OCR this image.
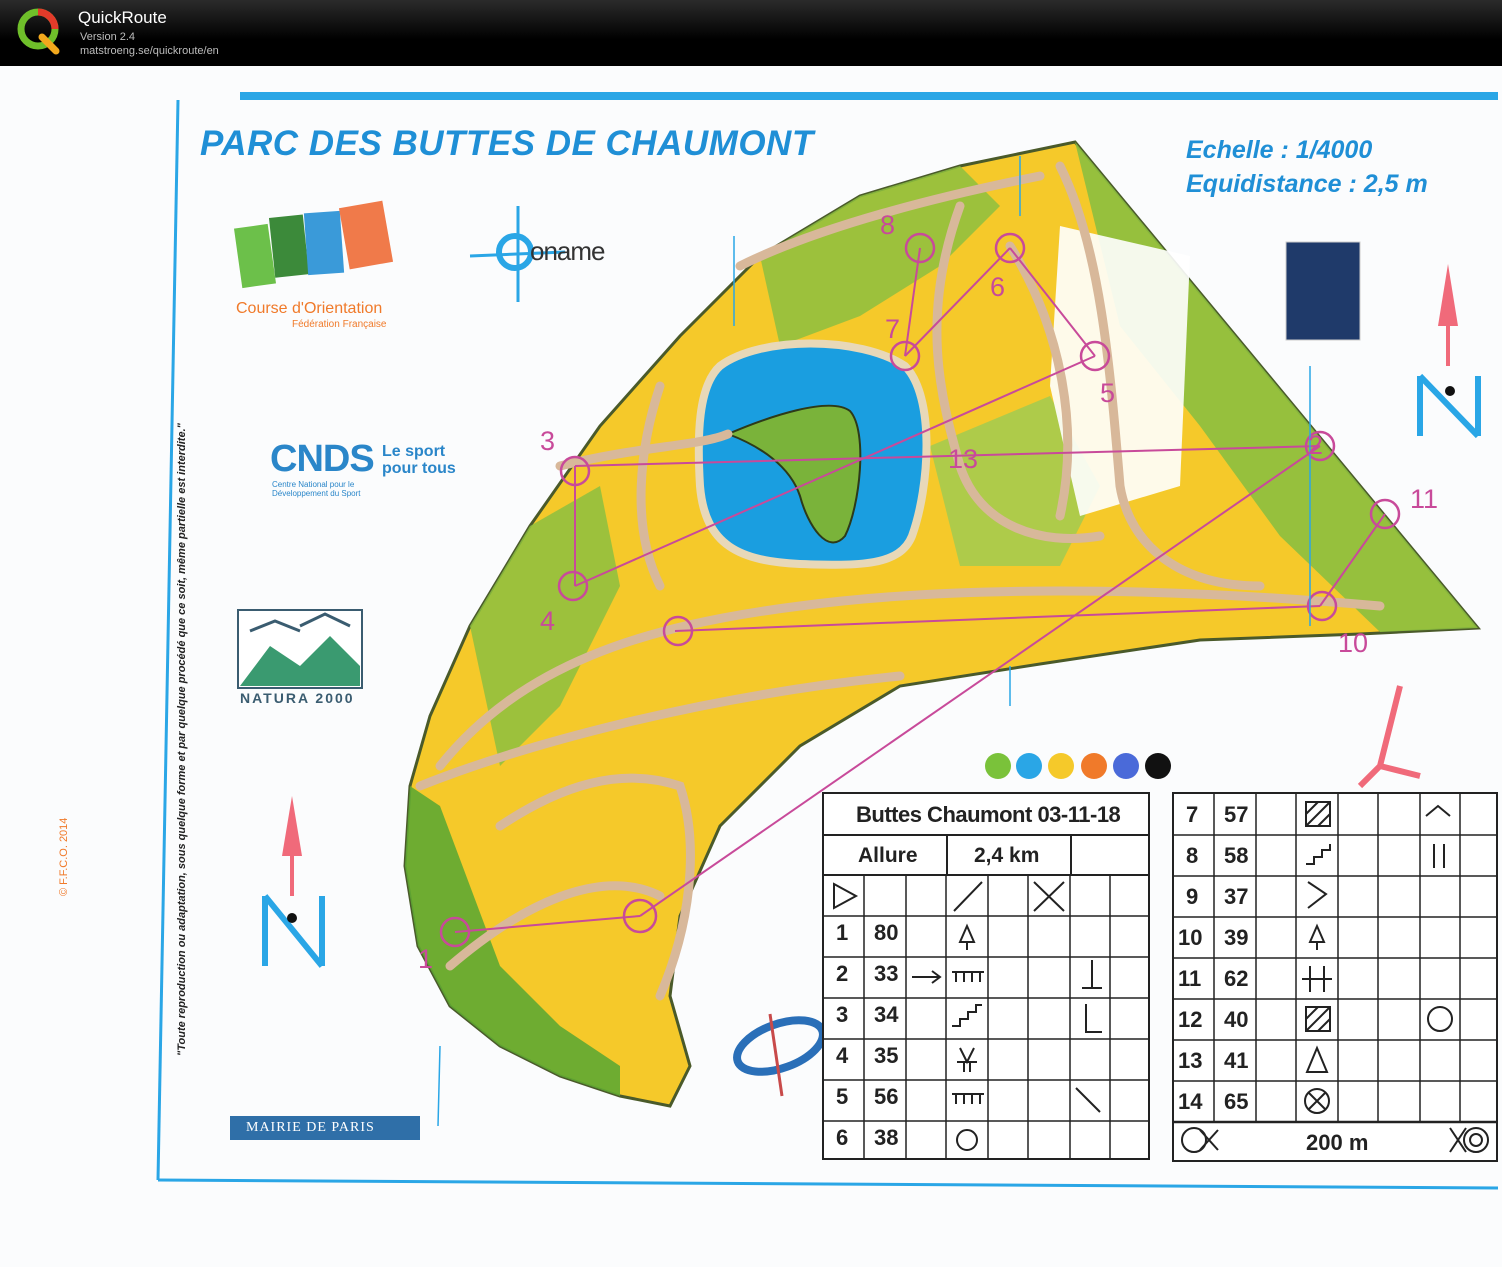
QuickRoute
Version 2.4
matstroeng.se/quickroute/en
PARC DES BUTTES DE CHAUMONT	Echelle : 1/4000
Equidistance : 2,5 m
Course d'Orientation
Fédération Française
oname
CNDS Le sport
pour tous
Centre National pour le Développement du Sport
NATURA 2000
MAIRIE DE PARIS
© F.F.C.O. 2014	"Toute reproduction ou adaptation, sous quelque forme et par quelque procédé que ce soit, même partielle est interdite."	1
2
3
4
5
6
7
8
10
11
13
Buttes Chaumont 03-11-18
Allure	2,4 km
1 80
2 33
3 34
4 35
5 56
6 38
7 57
8 58
9 37
10 39
11 62
12 40
13 41
14 65
200 m
